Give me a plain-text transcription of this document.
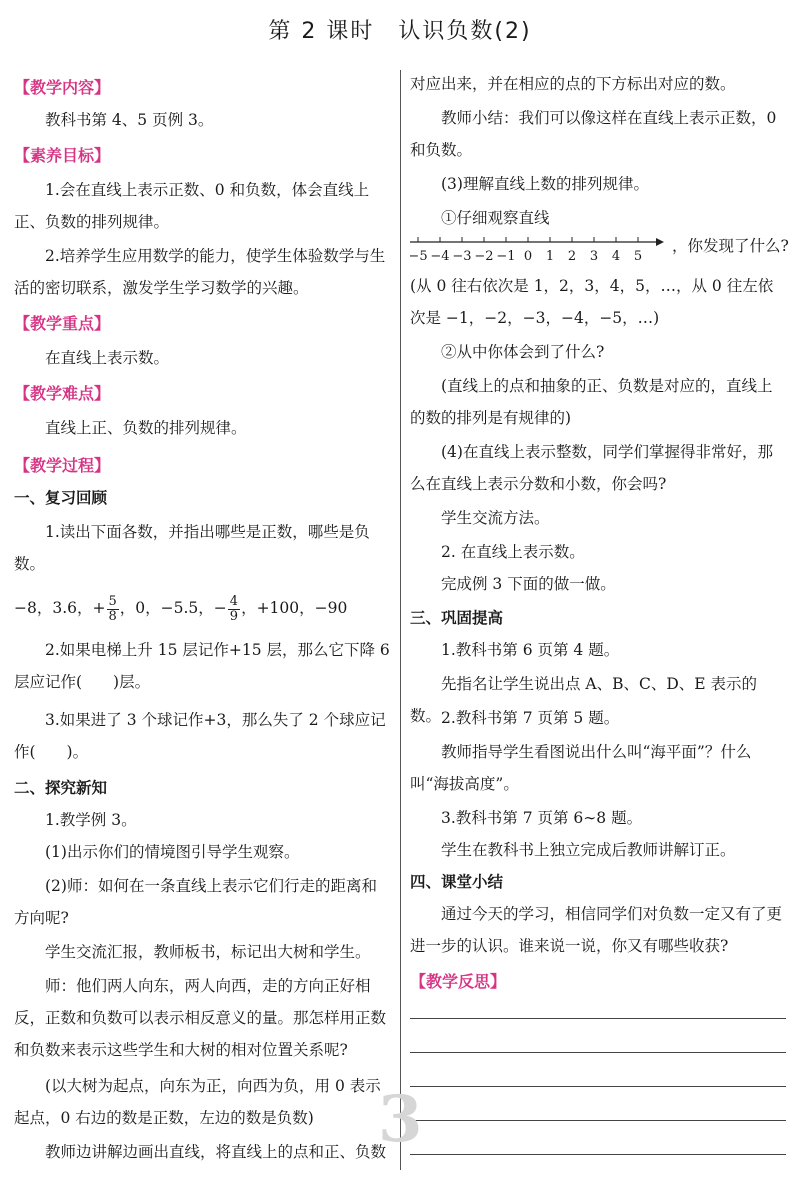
第 2 课时　认识负数(2)

【教学内容】

教科书第 4、5 页例 3。

【素养目标】

1.会在直线上表示正数、0 和负数，体会直线上正、负数的排列规律。

2.培养学生应用数学的能力，使学生体验数学与生活的密切联系，激发学生学习数学的兴趣。

【教学重点】

在直线上表示数。

【教学难点】

直线上正、负数的排列规律。

【教学过程】

一、复习回顾

1.读出下面各数，并指出哪些是正数，哪些是负数。

−8，3.6，+ $\frac{5}{8}$ ，0，−5.5，− $\frac{4}{9}$ ，+100，−90

2.如果电梯上升 15 层记作+15 层，那么它下降 6 层应记作(　　)层。

3.如果进了 3 个球记作+3，那么失了 2 个球应记作(　　)。

二、探究新知

1.教学例 3。

(1)出示你们的情境图引导学生观察。

(2)师：如何在一条直线上表示它们行走的距离和方向呢?

学生交流汇报，教师板书，标记出大树和学生。

师：他们两人向东，两人向西，走的方向正好相反，正数和负数可以表示相反意义的量。那怎样用正数和负数来表示这些学生和大树的相对位置关系呢?

(以大树为起点，向东为正，向西为负，用 0 表示起点，0 右边的数是正数，左边的数是负数)

教师边讲解边画出直线，将直线上的点和正、负数

对应出来，并在相应的点的下方标出对应的数。

教师小结：我们可以像这样在直线上表示正数，0 和负数。

(3)理解直线上数的排列规律。

①仔细观察直线

−5 −4 −3 −2 −1 0 1 2 3 4 5

，你发现了什么?

(从 0 往右依次是 1，2，3，4，5，…，从 0 往左依次是 −1，−2，−3，−4，−5，…)

②从中你体会到了什么?

(直线上的点和抽象的正、负数是对应的，直线上的数的排列是有规律的)

(4)在直线上表示整数，同学们掌握得非常好，那么在直线上表示分数和小数，你会吗?

学生交流方法。

2. 在直线上表示数。

完成例 3 下面的做一做。

三、巩固提高

1.教科书第 6 页第 4 题。

先指名让学生说出点 A、B、C、D、E 表示的数。 2.教科书第 7 页第 5 题。

教师指导学生看图说出什么叫“海平面”？什么叫“海拔高度”。

3.教科书第 7 页第 6∼8 题。

学生在教科书上独立完成后教师讲解订正。

四、课堂小结

通过今天的学习，相信同学们对负数一定又有了更进一步的认识。谁来说一说，你又有哪些收获?

【教学反思】

3
